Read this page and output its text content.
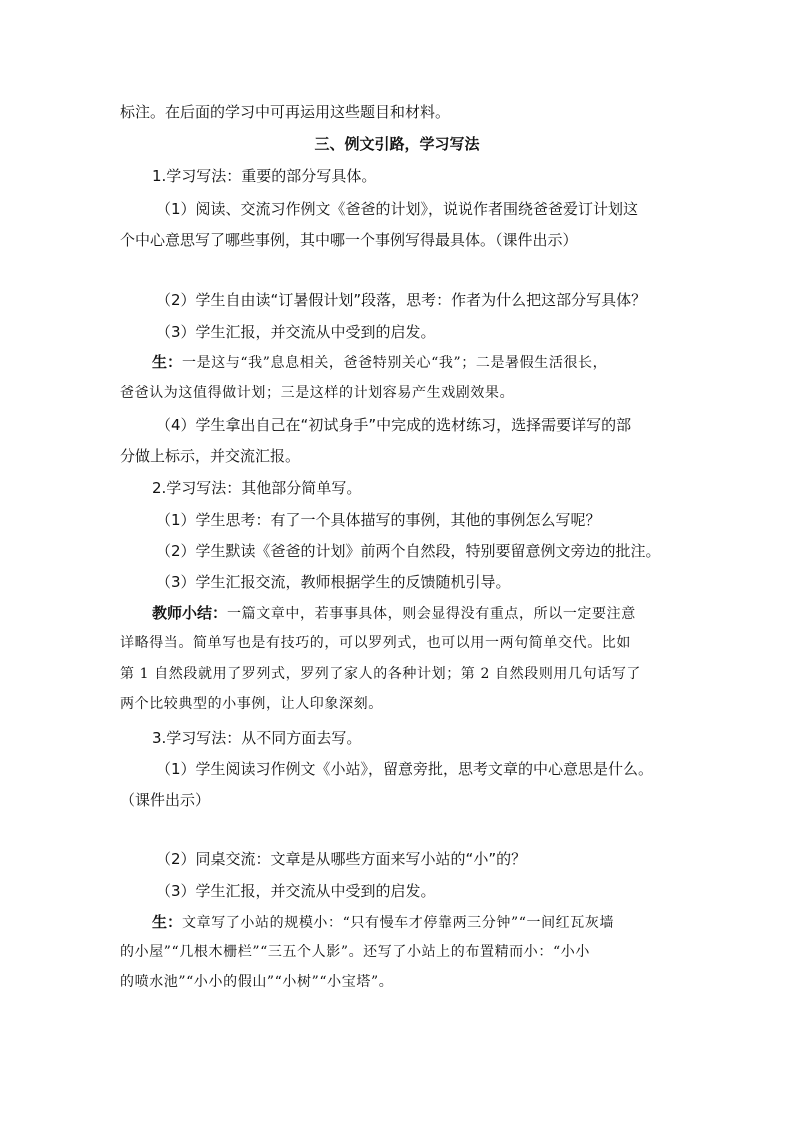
标注。在后面的学习中可再运用这些题目和材料。
三、例文引路，学习写法
1.学习写法：重要的部分写具体。
（1）阅读、交流习作例文《爸爸的计划》，说说作者围绕爸爸爱订计划这
个中心意思写了哪些事例，其中哪一个事例写得最具体。（课件出示）
（2）学生自由读“订暑假计划”段落，思考：作者为什么把这部分写具体？
（3）学生汇报，并交流从中受到的启发。
生：一是这与“我”息息相关，爸爸特别关心“我”；二是暑假生活很长，
爸爸认为这值得做计划；三是这样的计划容易产生戏剧效果。
（4）学生拿出自己在“初试身手”中完成的选材练习，选择需要详写的部
分做上标示，并交流汇报。
2.学习写法：其他部分简单写。
（1）学生思考：有了一个具体描写的事例，其他的事例怎么写呢？
（2）学生默读《爸爸的计划》前两个自然段，特别要留意例文旁边的批注。
（3）学生汇报交流，教师根据学生的反馈随机引导。
教师小结：一篇文章中，若事事具体，则会显得没有重点，所以一定要注意
详略得当。简单写也是有技巧的，可以罗列式，也可以用一两句简单交代。比如
第 1 自然段就用了罗列式，罗列了家人的各种计划；第 2 自然段则用几句话写了
两个比较典型的小事例，让人印象深刻。
3.学习写法：从不同方面去写。
（1）学生阅读习作例文《小站》，留意旁批，思考文章的中心意思是什么。
（课件出示）
（2）同桌交流：文章是从哪些方面来写小站的“小”的？
（3）学生汇报，并交流从中受到的启发。
生：文章写了小站的规模小：“只有慢车才停靠两三分钟”“一间红瓦灰墙
的小屋”“几根木栅栏”“三五个人影”。还写了小站上的布置精而小：“小小
的喷水池”“小小的假山”“小树”“小宝塔”。
